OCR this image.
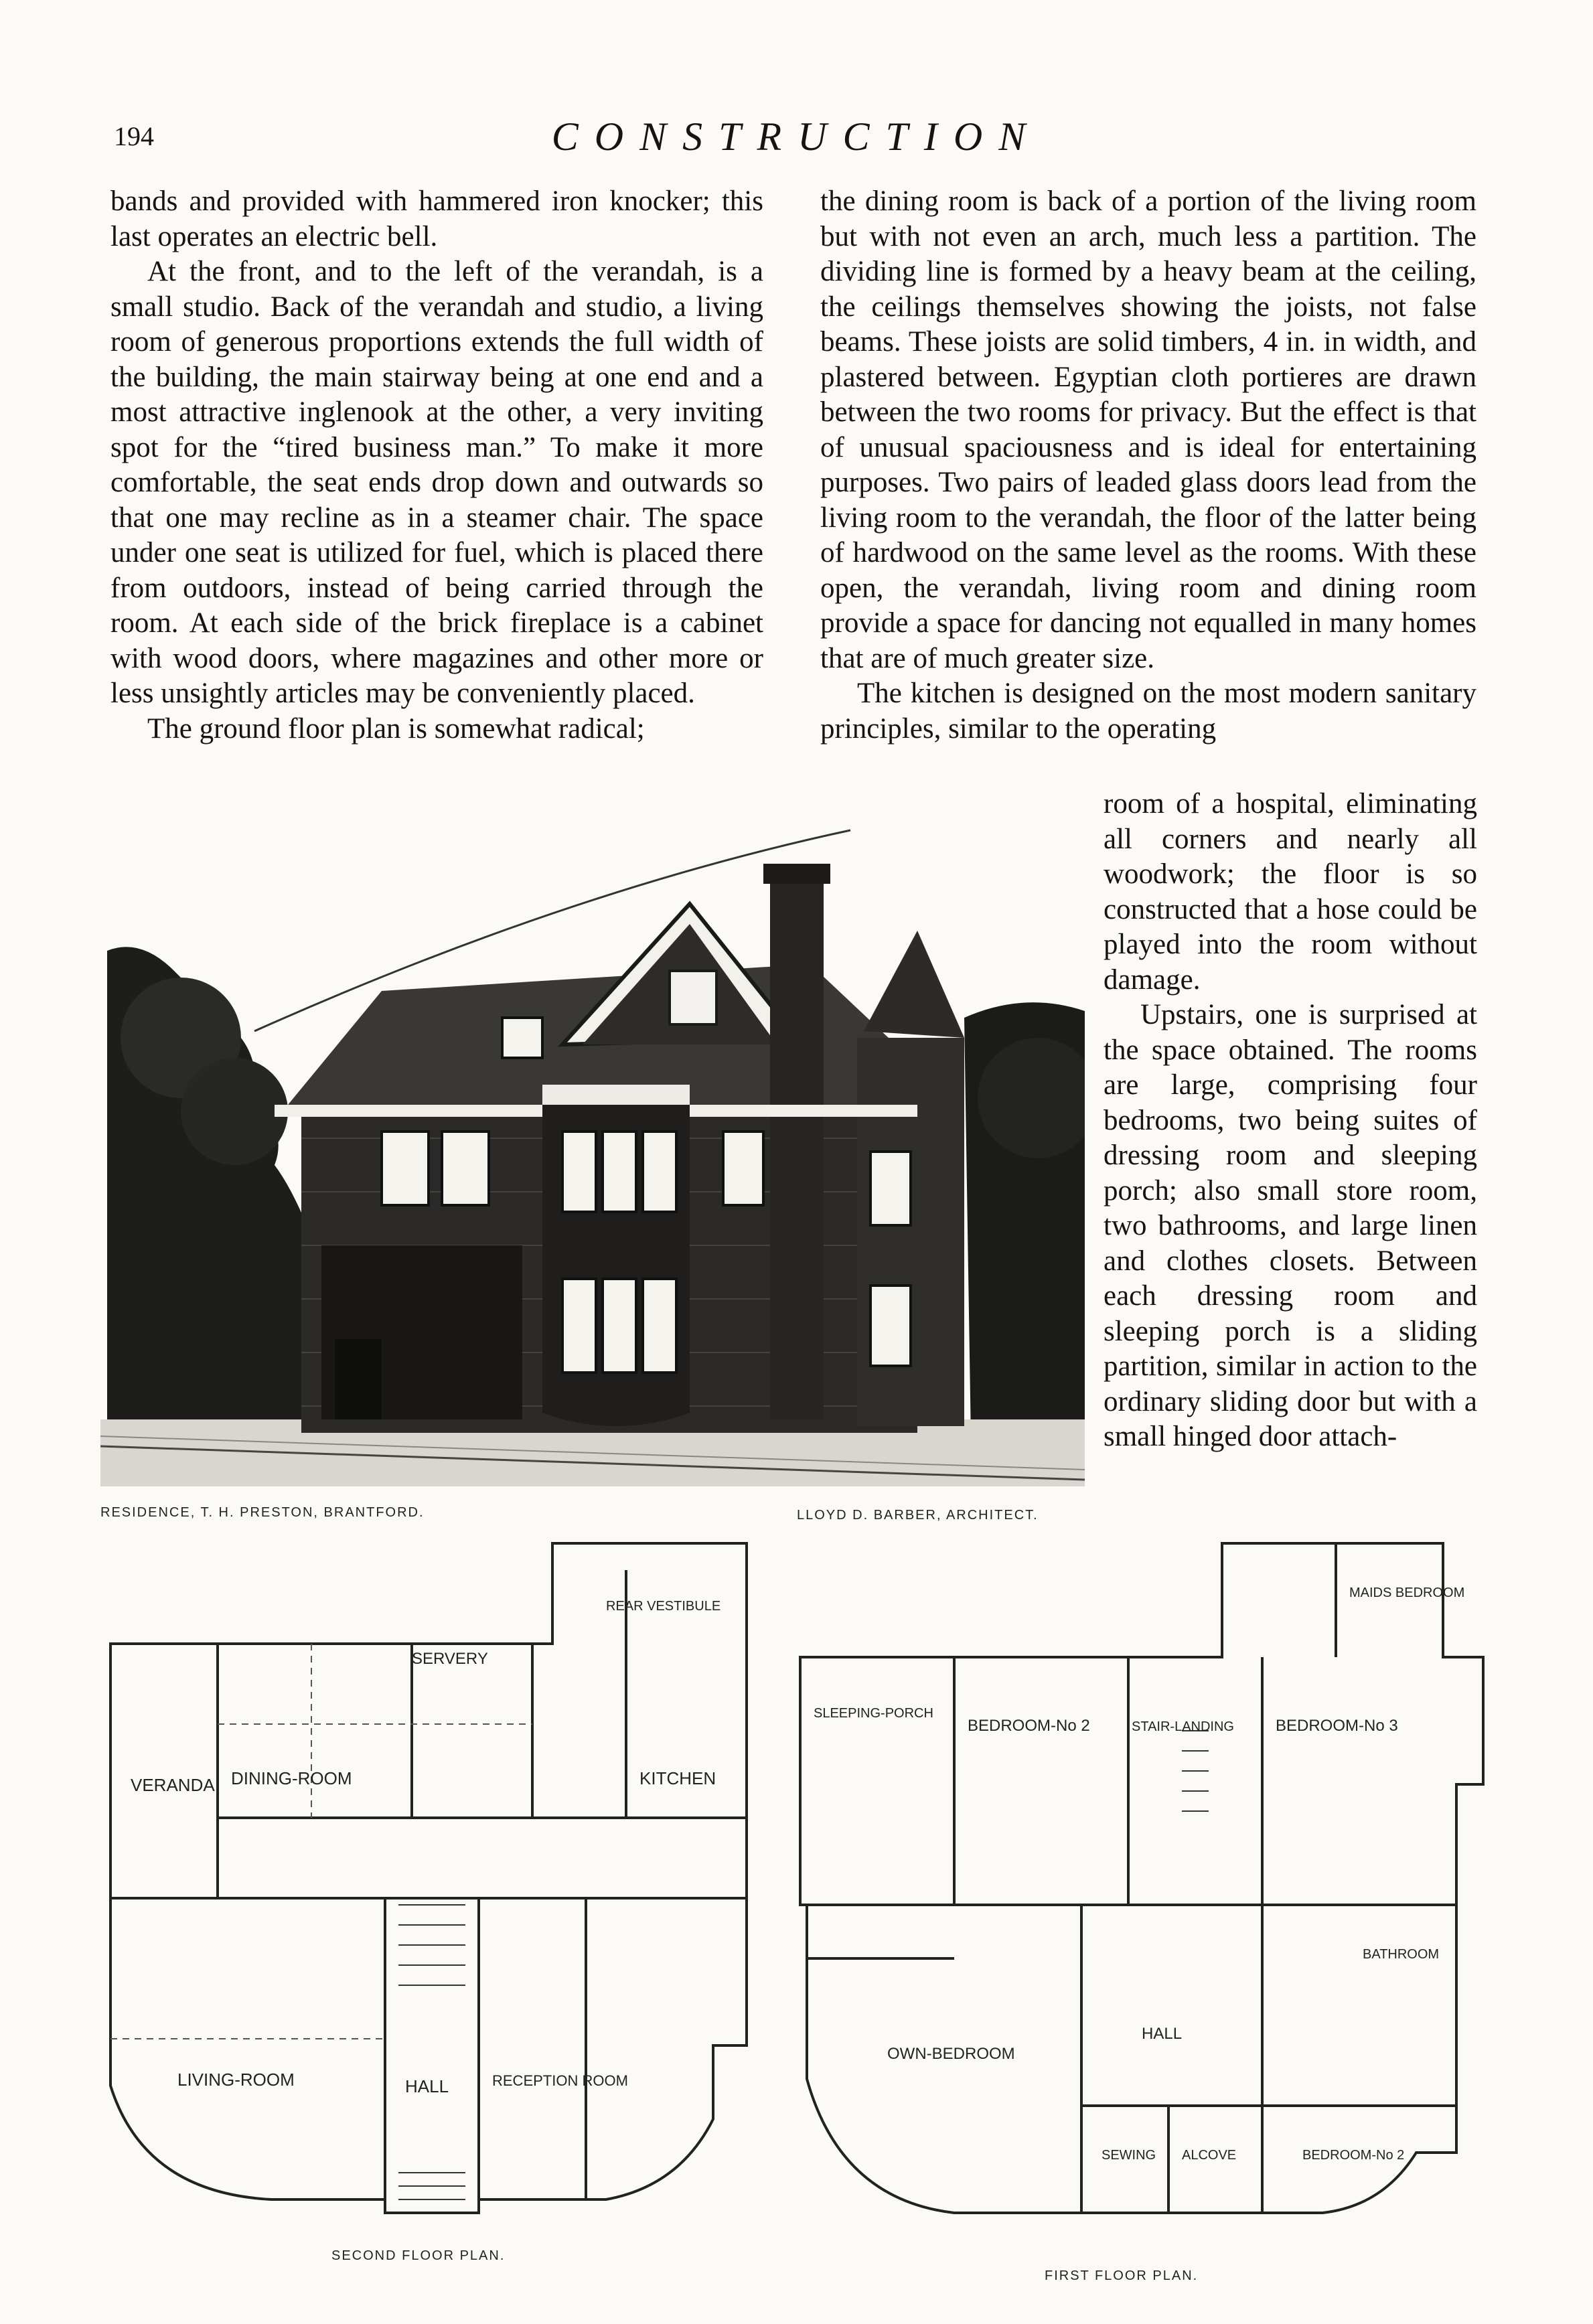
194	CONSTRUCTION

bands and provided with hammered iron knocker; this last operates an electric bell.

At the front, and to the left of the verandah, is a small studio. Back of the verandah and studio, a living room of generous proportions extends the full width of the building, the main stairway being at one end and a most attractive inglenook at the other, a very inviting spot for the “tired business man.” To make it more comfortable, the seat ends drop down and outwards so that one may recline as in a steamer chair. The space under one seat is utilized for fuel, which is placed there from outdoors, instead of being carried through the room. At each side of the brick fireplace is a cabinet with wood doors, where magazines and other more or less unsightly articles may be conveniently placed.

The ground floor plan is somewhat radical;

the dining room is back of a portion of the living room but with not even an arch, much less a partition. The dividing line is formed by a heavy beam at the ceiling, the ceilings themselves showing the joists, not false beams. These joists are solid timbers, 4 in. in width, and plastered between. Egyptian cloth portieres are drawn between the two rooms for privacy. But the effect is that of unusual spaciousness and is ideal for entertaining purposes. Two pairs of leaded glass doors lead from the living room to the verandah, the floor of the latter being of hardwood on the same level as the rooms. With these open, the verandah, living room and dining room provide a space for dancing not equalled in many homes that are of much greater size.

The kitchen is designed on the most modern sanitary principles, similar to the operating

room of a hospital, eliminating all corners and nearly all woodwork; the floor is so constructed that a hose could be played into the room without damage.

Upstairs, one is surprised at the space obtained. The rooms are large, comprising four bedrooms, two being suites of dressing room and sleeping porch; also small store room, two bathrooms, and large linen and clothes closets. Between each dressing room and sleeping porch is a sliding partition, similar in action to the ordinary sliding door but with a small hinged door attach-

RESIDENCE, T. H. PRESTON, BRANTFORD.	LLOYD D. BARBER, ARCHITECT.
VERANDA DINING-ROOM
SERVERY
KITCHEN
REAR VESTIBULE
LIVING-ROOM	HALL	RECEPTION ROOM
SLEEPING-PORCH
BEDROOM-No 2	STAIR-LANDING	BEDROOM-No 3
MAIDS BEDROOM
OWN-BEDROOM
HALL
SEWING ALCOVE	BEDROOM-No 2
BATHROOM
SECOND FLOOR PLAN.
FIRST FLOOR PLAN.
